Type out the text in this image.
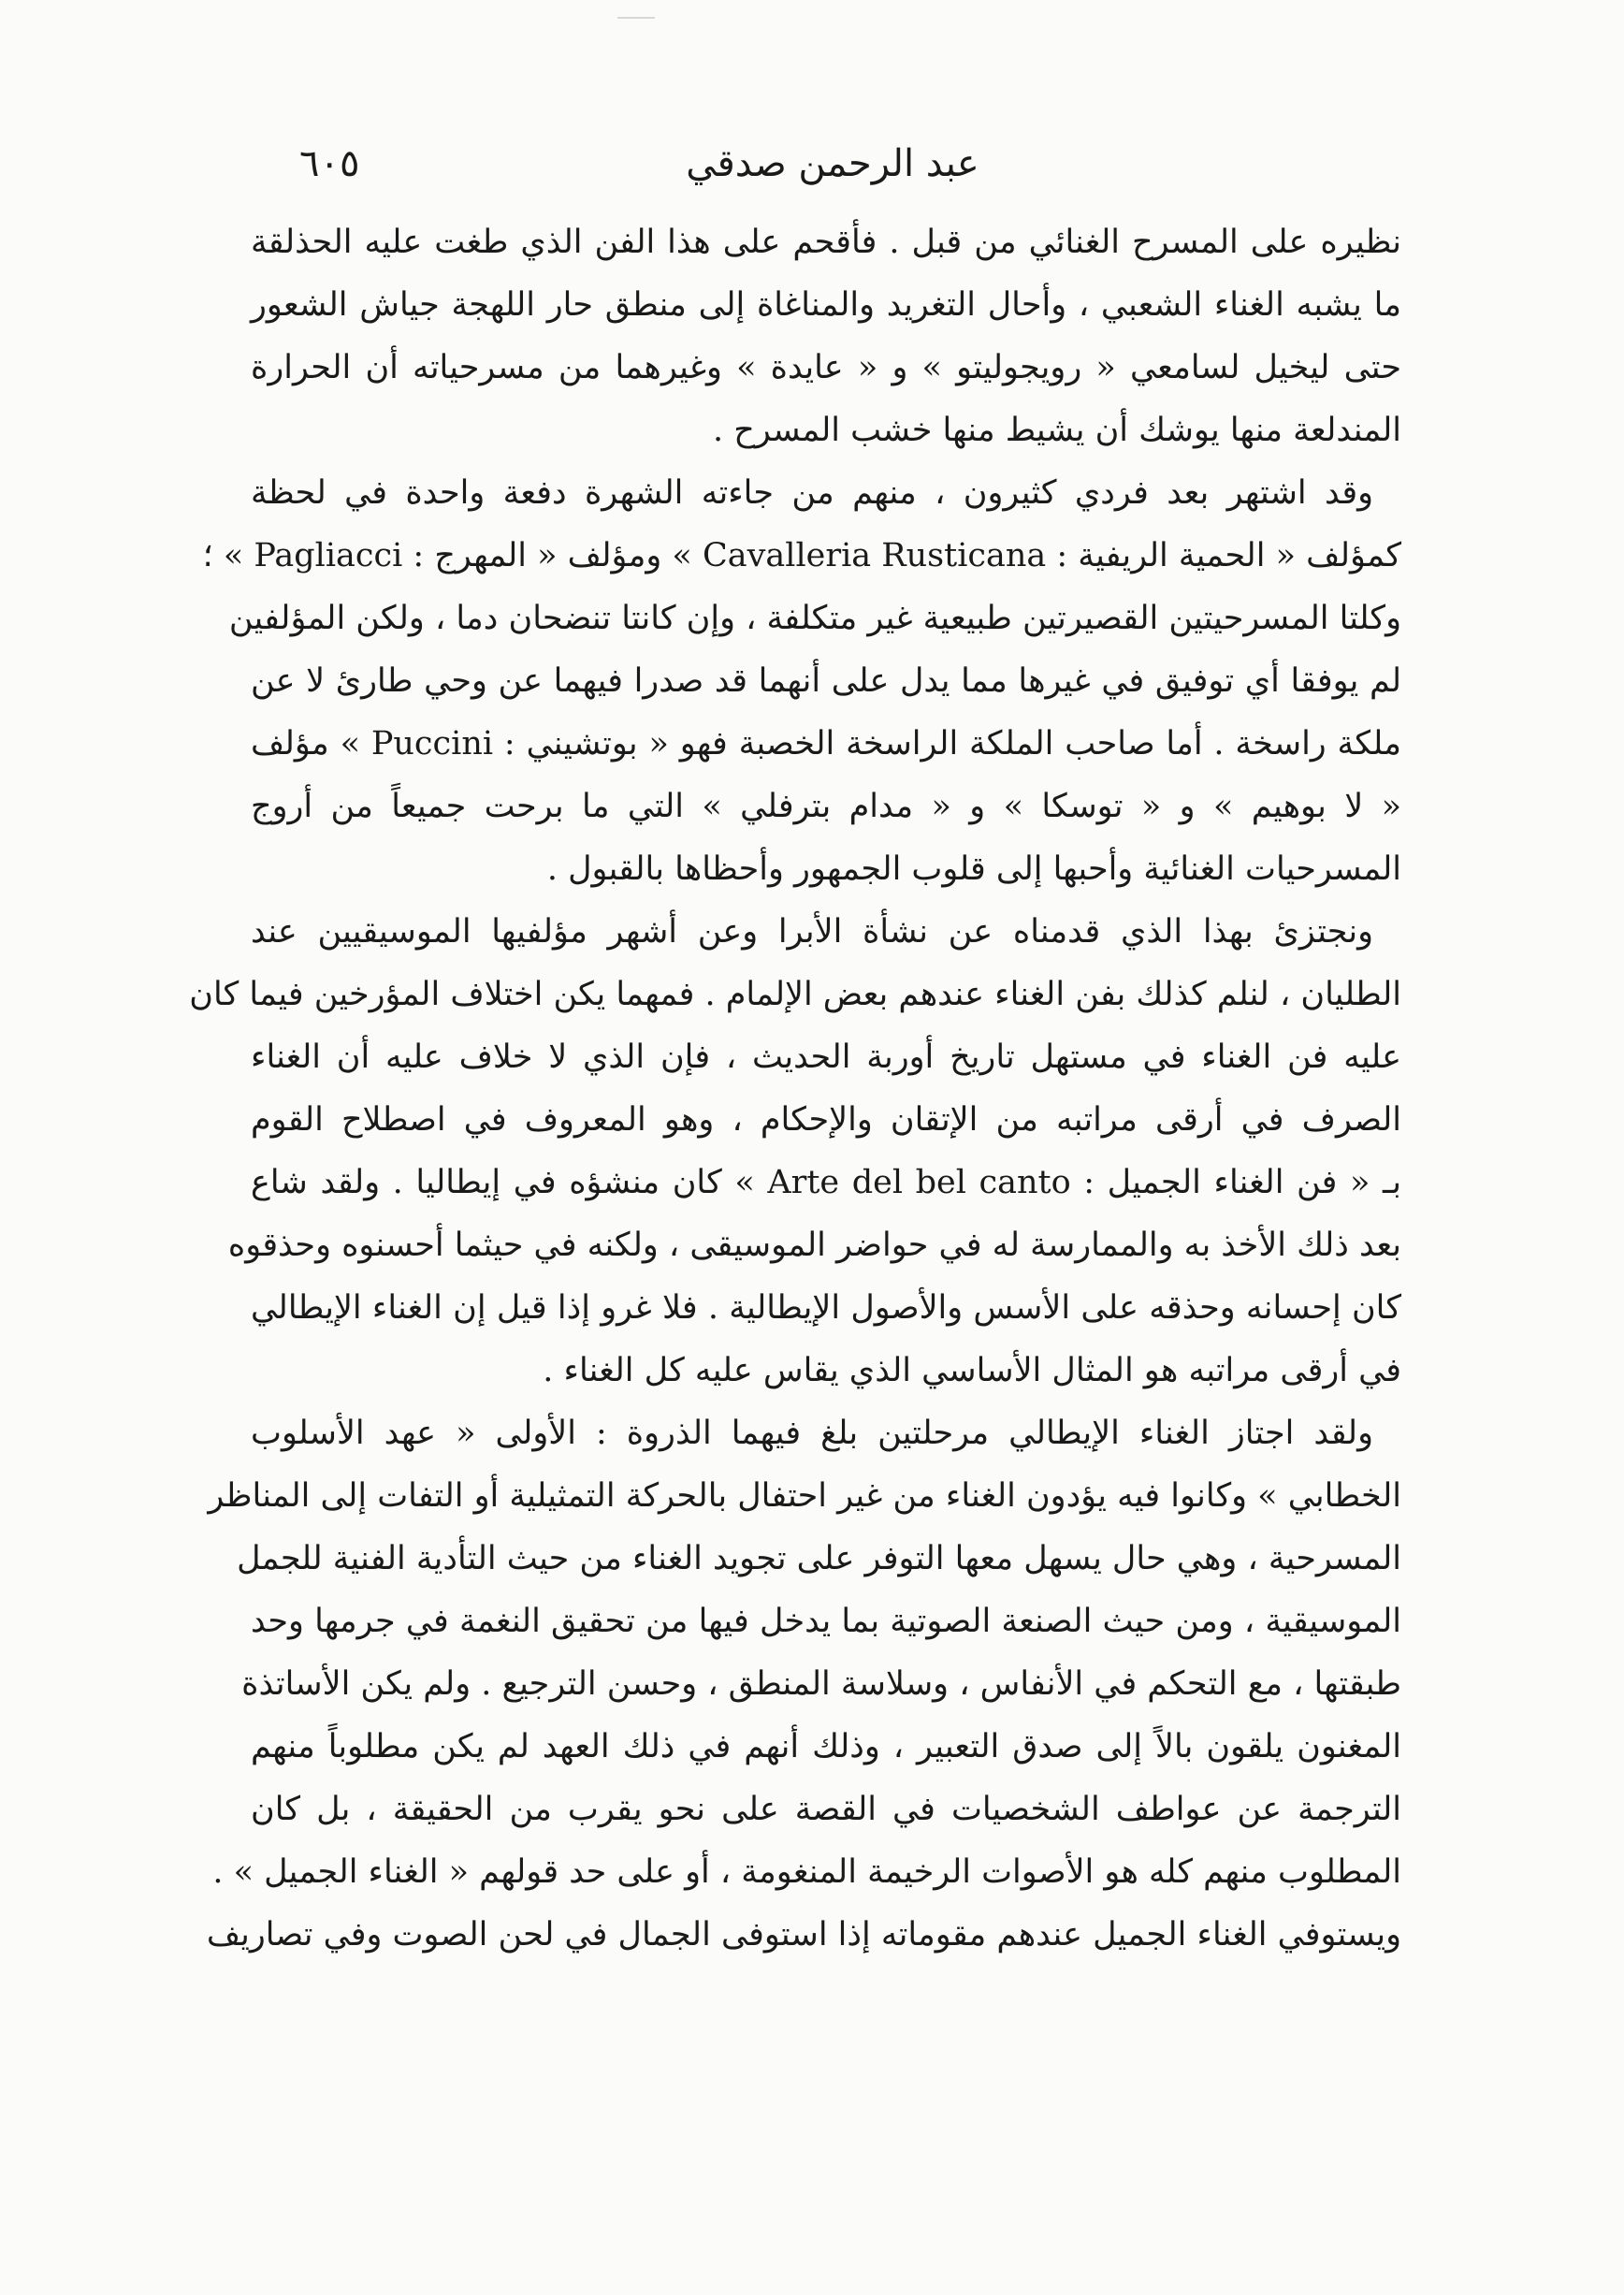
عبد الرحمن صدقي
٦٠٥
نظيره على المسرح الغنائي من قبل . فأقحم على هذا الفن الذي طغت عليه الحذلقة
ما يشبه الغناء الشعبي ، وأحال التغريد والمناغاة إلى منطق حار اللهجة جياش الشعور
حتى ليخيل لسامعي « رويجوليتو » و « عايدة » وغيرهما من مسرحياته أن الحرارة
المندلعة منها يوشك أن يشيط منها خشب المسرح .
وقد اشتهر بعد فردي كثيرون ، منهم من جاءته الشهرة دفعة واحدة في لحظة
كمؤلف « الحمية الريفية : Cavalleria Rusticana » ومؤلف « المهرج : Pagliacci » ؛
وكلتا المسرحيتين القصيرتين طبيعية غير متكلفة ، وإن كانتا تنضحان دما ، ولكن المؤلفين
لم يوفقا أي توفيق في غيرها مما يدل على أنهما قد صدرا فيهما عن وحي طارئ لا عن
ملكة راسخة . أما صاحب الملكة الراسخة الخصبة فهو « بوتشيني : Puccini » مؤلف
« لا بوهيم » و « توسكا » و « مدام بترفلي » التي ما برحت جميعاً من أروج
المسرحيات الغنائية وأحبها إلى قلوب الجمهور وأحظاها بالقبول .
ونجتزئ بهذا الذي قدمناه عن نشأة الأبرا وعن أشهر مؤلفيها الموسيقيين عند
الطليان ، لنلم كذلك بفن الغناء عندهم بعض الإلمام . فمهما يكن اختلاف المؤرخين فيما كان
عليه فن الغناء في مستهل تاريخ أوربة الحديث ، فإن الذي لا خلاف عليه أن الغناء
الصرف في أرقى مراتبه من الإتقان والإحكام ، وهو المعروف في اصطلاح القوم
بـ « فن الغناء الجميل : Arte del bel canto » كان منشؤه في إيطاليا . ولقد شاع
بعد ذلك الأخذ به والممارسة له في حواضر الموسيقى ، ولكنه في حيثما أحسنوه وحذقوه
كان إحسانه وحذقه على الأسس والأصول الإيطالية . فلا غرو إذا قيل إن الغناء الإيطالي
في أرقى مراتبه هو المثال الأساسي الذي يقاس عليه كل الغناء .
ولقد اجتاز الغناء الإيطالي مرحلتين بلغ فيهما الذروة : الأولى « عهد الأسلوب
الخطابي » وكانوا فيه يؤدون الغناء من غير احتفال بالحركة التمثيلية أو التفات إلى المناظر
المسرحية ، وهي حال يسهل معها التوفر على تجويد الغناء من حيث التأدية الفنية للجمل
الموسيقية ، ومن حيث الصنعة الصوتية بما يدخل فيها من تحقيق النغمة في جرمها وحد
طبقتها ، مع التحكم في الأنفاس ، وسلاسة المنطق ، وحسن الترجيع . ولم يكن الأساتذة
المغنون يلقون بالاً إلى صدق التعبير ، وذلك أنهم في ذلك العهد لم يكن مطلوباً منهم
الترجمة عن عواطف الشخصيات في القصة على نحو يقرب من الحقيقة ، بل كان
المطلوب منهم كله هو الأصوات الرخيمة المنغومة ، أو على حد قولهم « الغناء الجميل » .
ويستوفي الغناء الجميل عندهم مقوماته إذا استوفى الجمال في لحن الصوت وفي تصاريف
